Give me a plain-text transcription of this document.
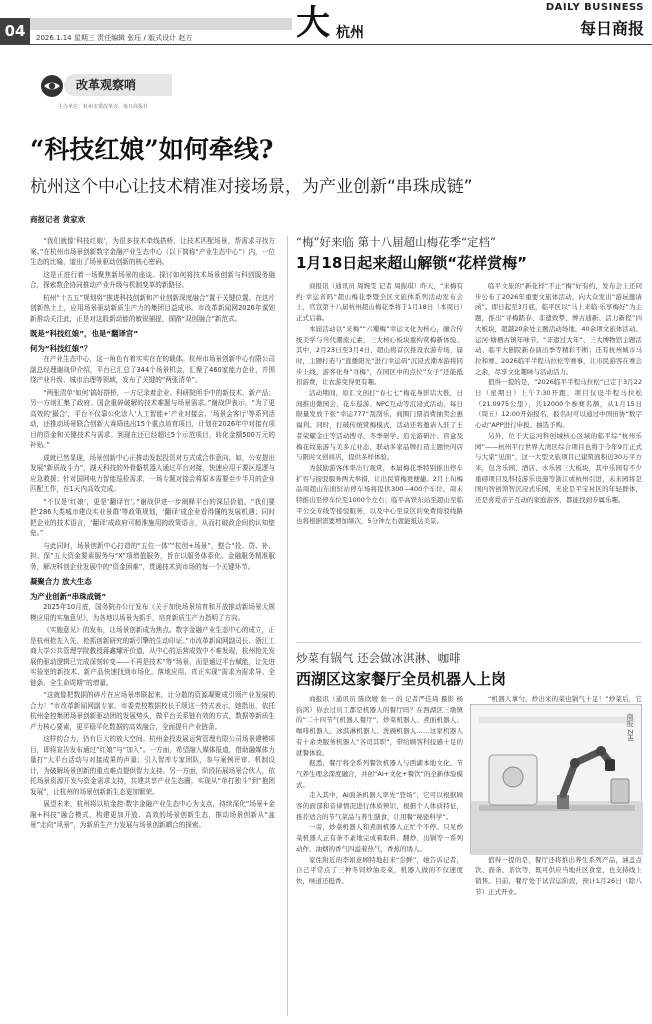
04	2026.1.14 星期三 责任编辑 张珏 / 版式设计 赵方	大 杭州
DAILY BUSINESS
每日商报
改革观察哨
主办单位：杭州市委改革办、每日商报社
“科技红娘”如何牵线?
杭州这个中心让技术精准对接场景，为产业创新“串珠成链”
商报记者 黄家欢

“我们就像‘科技红娘’，为很多技术牵线搭桥，让技术匹配场景，帮需求寻找方案。”在杭州市场景创新数字金融产业生态中心（以下简称“产业生态中心”）内，一位生态的比喻，道出了场景驱动创新的核心密码。

这是正进行着一场聚焦新场景的座谈。探讨如何将技术场景创新与科创服务融合，探索数企协同推动产业升级与机制变革的新路径。

杭州“十五五”规划将“推进科技创新和产业创新深度融合”置于关键位置。在这片创新热土上，应用场景驱动新质生产力的集团目益成形。市改革新闻网2026年谋划新推动关注此，正是对这股新动能的敏锐捕捉，探路“双创融合”新范式。

既是“科技红娘”，也是“翻译官”
何为“科技红娘”？

在产业生态中心，这一角色有着实实在在的载体。杭州市场景创新中心有限公司副总经理谢战伊介绍，平台已汇总了344个场景机会，汇聚了460家能力企业，并围绕产业升级、城市治理等领域，发布了关键的“两张清单”。

“两张清单‘如何’搞好搭桥，一方记录着企业、科研院所手中的新技术、新产品；另一方则汇集了政府、国企重碎破解的技术难题与场景需求。”谢战伊表示，“为了更高效的‘撮合’，平台不仅靠公化涂入‘人工智能+’产业对接会、‘场景会客厅’等系列活动，还推动场景联合创新大赛筛选出15个重点培育项目，计划在2026年中对接有项目的资金和关键技术与需求。到现在还已经超过5个示范项目，转化金额500万元的补贴。”

成就已然显现，场景创新中心正推动发起投资对方式成合作意向。如，公安提出发展“新质战斗力”，湖天科技的外骨骼机器人通过平台对接，快速应用于要区巡逻与应急救援；针对国网电力智能巡检需求，一场专题对接会将原本需要至少半月的企业匹配工作，在1天内高效完成。

“不仅是‘红娘’，更是‘翻译官’。”谢战伊进一步阐释平台的深层价值，“我们要把‘286大类城市建设实业景群’等政策规划，‘翻译’成企业看得懂的发展机遇；同时把企业的技术语言，‘翻译’成政府可精准施用的政策语言，从而打破政企间的认知壁垒。”

与此同时，场景创新中心打造的“五位一体”“杭创+场景”，整合“投、贷、补、担、保”五大资金要素服务与“X”项增值服务，旨在以服务体系化、金融服务精准服务，解决科创企业发展中的“资金困难”，贯通技术到市场的每一个关键环节。

凝聚合力 放大生态
为产业创新“串珠成链”

2025年10月底，国务院办公厅发布《关于加快场景培育和开放推动新场景大规模应用的实施意见》，为各地以场景为抓手，培育新质生产力指明了方向。

《实施意见》的发布，让场景创新成为焦点。数字金融产业生态中心的成立，正是杭州抢先入先、抢抓创新研究的新引擎的生动印证。”市改革新闻网副司长、浙江工商大学公共管理学院教授蒋鑫耀评价道，从中心的运营成效中不难发现，杭州抢先发展的驱动逻辑已完成深刻转变——不再是技术“等”场景，而是通过平台赋能，让先进实验室的新技术、新产品快速找到市场化、落地应用，真正实现“需求为需求导、全链条、全生命周期”的增量。

“这就像把数据的碎片在应场景串联起来，让分散的资源凝聚成引领产业发展的合力！”市改革新闻网副专家、市委党校数据校长王颂这一特式表示，她指出，依托杭州金控集团场景创新驱动团的发展势头，做平台关系链有效的方式，数据等新质生产力核心要素，更平稳平化数据的高效融合，全面提升产业链条。

这样的合力，仍有巨大的放大空间。杭州金投发展运营管理有限公司场景建模项目，即将宣告发布通过“红娘”与“加入”。一方面，希望融入媒体报道，借助融媒体力量打“大平台活动与对接成果的声量；引入智库专家团队，参与案例评审、机制设计，为破解场景创新的重点难点提供智力支持。另一方面，阶段拓展场景合伙人，依托场景资源开发与资金需求支持，共建共享产业生态圈，实现从“单打独斗”到“抱团发展”，让杭州的场景创新新生态更加繁荣。

展望未来，杭州将以杭金控·数字金融产业生态中心为支点，持续深化“场景+金融+科技”融合模式，构建更加开放、高效的场景创新生态，推动场景创新从“盆景”走向“风景”，为新质生产力发展与场景创新耦合的探索。

“梅”好来临 第十八届超山梅花季“定档”
1月18日起来超山解锁“花样赏梅”

商报讯（通讯员 周婉雯 记者 周振琪）昨天，“来梅有约·幸运省吗”超山梅花季暨全区文旅体系列活动发布会上，官宣第十八届杭州超山梅花季将于1月18日（本周日）正式启幕。

本届活动以“来梅”“六瓣梅”幸运文化为核心，融合传统美学与当代潮流元素，三大核心板块重构赏梅新体验。其中，2月23日至3月4日，超山将首次推设农游专场，届时，主题打造与“直播阳光”进行幸运码“沉浸式潮本游将同步上线，游客化身“寻梅”，在园区中的点位“女子”还能抵扣游费，让农游变得更有趣。

活动期间，原汇文创打“春七七”梅花身影话大惟，日间推出微园会、花车巡游、NPC互动等沉浸式活动，每日限量发放千张“幸运777”刮刮乐，商圈门票消费抽奖会惠福利。同时，打破传统赏梅模式，活动还将邀请入驻了王者荣耀金庄等活动搜寻、冬季研学、追光游研汁、盲盒及梅花纹旅游与美多元业态，联动多家品牌打造主题快闪店与限时文创商店，提供多样体验。

为鼓励游客体率出行观赏，本届梅花季特别推出停车扩容与接驳服务两大举措，让出民赏梅更便捷。2月上旬梅品周超山东面驻站停车场将提供300—400个车位，周末特推出至停车位至1000个左右；临平高铁东站至超山至临平公交专线等接驳服务，以及中心至景区的免费接驳线路也将根据需要增加频次，5分钟左右就能抵达美景。

临平文旅的“新花样”不止“梅”好有约，发布会上还同步公布了2026年重要文旅体活动，向大众发出“游玩邀请函”。即日起至3月底，临平区以“马上来临·乐享梅好”为主题，推出“寻梅踏春、非遗致梦、博古通新、活力新程”四大板块，超越20余处主题活动场地，40余项文旅体活动。运河·塘栖古镇年味节、“非遗过大年”、三大博物馆主题活动、临平大剧院新春演出季等精彩不断；还有杭州城市马拉和赛、2026临平半程马拉松等赛事，让市民游客在赛会之余，尽享文化趣味与活动活力。

值得一提的是，“2026临平半程马拉松”已定于3月22日（星期日）上午7:30开跑，项目仅设半程马拉松（21.0975公里），共12000个参赛名额，从1月15日（周五）12:00开始报名，报名时可以通过中国田协“数字心动”APP进行申报、抽选予购。

另外，位于大运河科创城核心区域的临平综“杭州乐园”——杭州平行世界大湾区综合项目也将于今年9月正式与大家“见面”，这一大型文旅项目已建筑面积近30万平方米，包含乐园、酒店、水乐园三大板块，其中乐园有不少重磅项目及科技游乐设施等浙江或杭州引进，未来园将是国内智创领智沉浸式乐园，无论是平宝衬区的年轻群体，还是喜爱亲子互动的家庭游客，都能找到专属乐趣。

炒菜有锅气 还会做冰淇淋、咖啡
西湖区这家餐厅全员机器人上岗

商报讯（通讯员 陈欣媛 张一 的 记者严佳琦 摄影 杨钧鸿）你去过员工都是机器人的餐厅吗？在西湖区三墩镇的“二十四节气机器人餐厅”，炒菜机器人、煮面机器人、咖啡机器人、冰淇淋机器人、洗碗机器人……这家机器人有十余类服务机器人“各司其职”，带给顾客科技感十足的就餐体验。

据悉，餐厅将全系列餐饮机器人与西湖本地文化、节气养生理念深度融合，并创“AI+文化+餐饮”的全新体验模式。

走入其中，AI面条机器人率先“登场”，它可以根据顾客的面部和音律情况进行体质辨识，根据个人体质特征，推荐适合的节气菜品与养生膳食，让用餐“秘密科学”。

一旁，炒菜机器人和煮面机器人正忙个不停。只见炒菜机器人正有条不紊地完成着取料、翻炒、出锅等一系列动作，油烟的香气四溢着热气，香蕉的诱人。

家住附近的李娟意顾特地赶来“尝鲜”，她告诉记者，自己平常点了三种冬饲炒油麦菜，机器人做的不仅速度快，味道还挺香。

“机器人拿勺，炒出来的菜也锅气十足！”炒菜后，它

值得一提的是，餐厅还将推出养生系列产品，涵盖点饮、面条、茶饮等，既可供应当地社区食堂，也支持线上销售。目前，餐厅处于试营运阶段，预计1月26日（除八节）正式开业。

商报 ZHI
